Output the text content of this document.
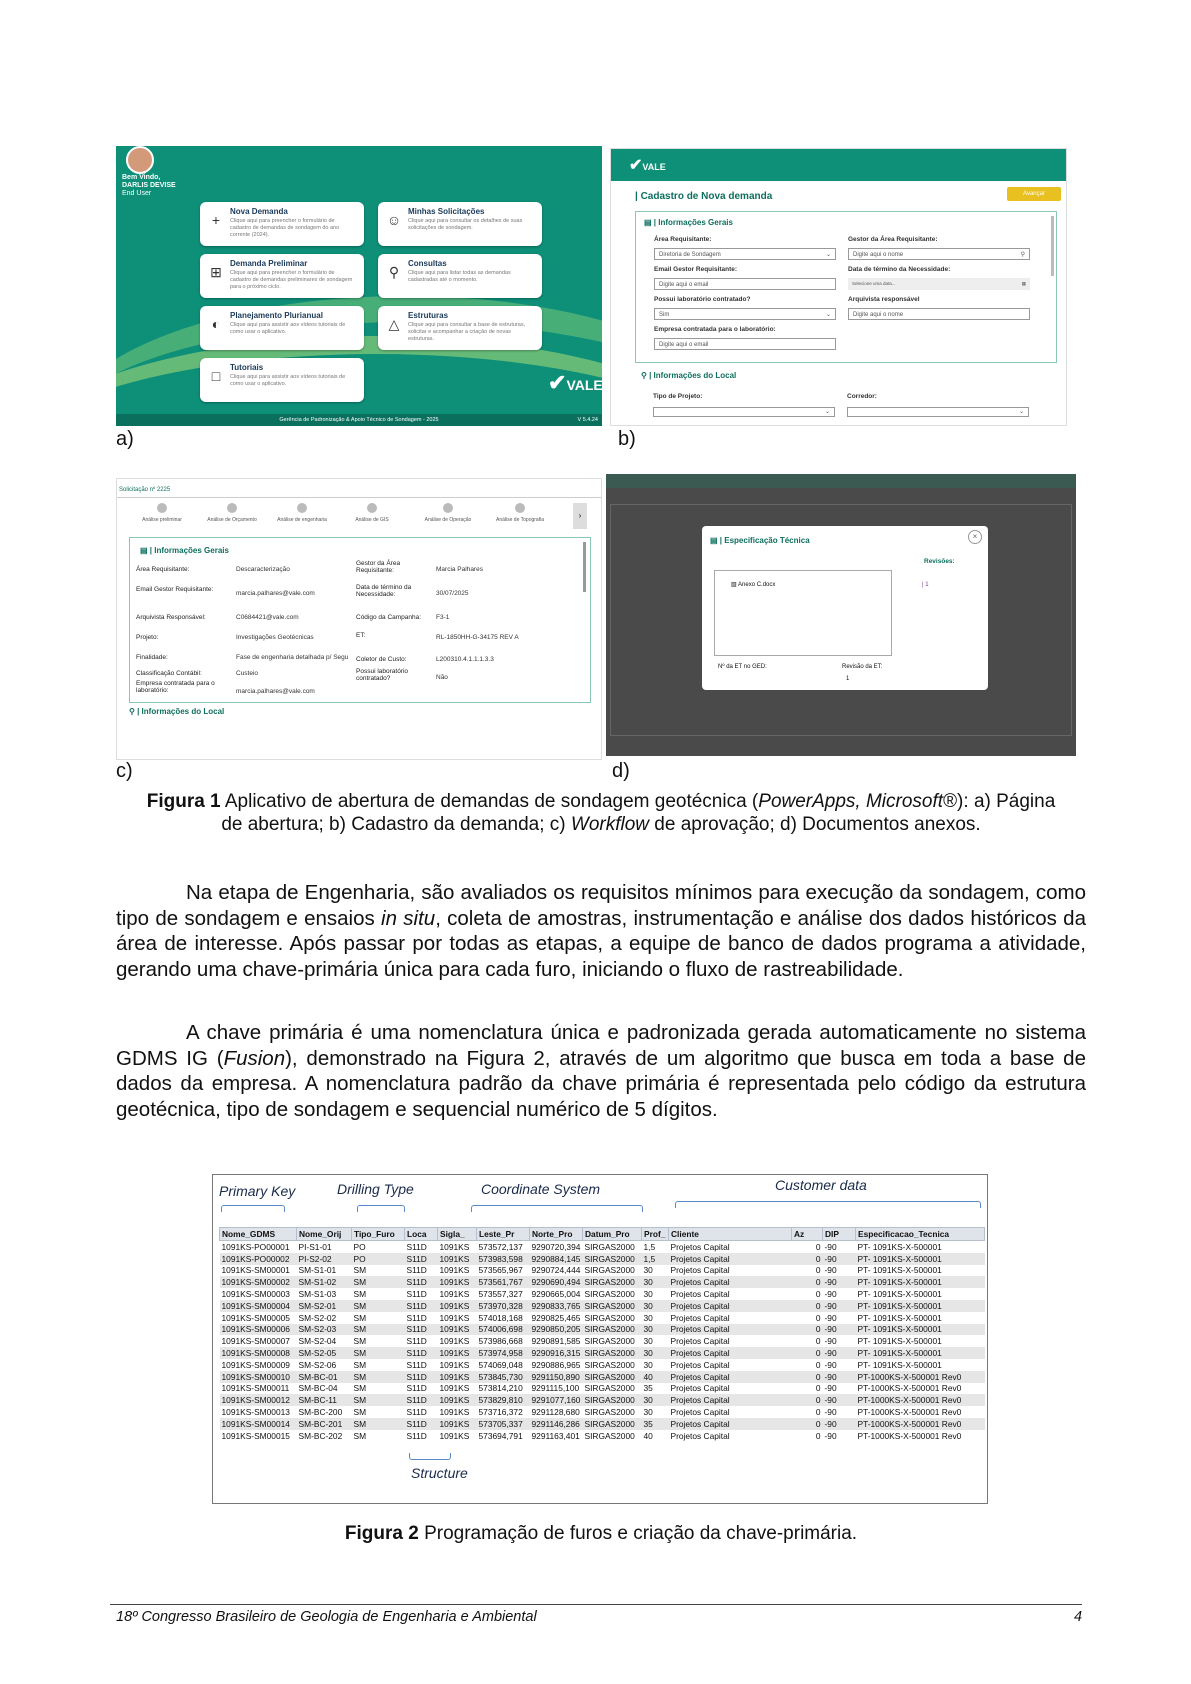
Bem Vindo,
DARLIS DEVISE
End User
+
Nova Demanda
Clique aqui para preencher o formulário de cadastro de demandas de sondagem do ano corrente (2024).
☺
Minhas Solicitações
Clique aqui para consultar os detalhes de suas solicitações de sondagem.
⊞
Demanda Preliminar
Clique aqui para preencher o formulário de cadastro de demandas preliminares de sondagem para o próximo ciclo.
⚲
Consultas
Clique aqui para listar todas as demandas cadastradas até o momento.
◐
Planejamento Plurianual
Clique aqui para assistir aos vídeos tutoriais de como usar o aplicativo.	△
Estruturas
Clique aqui para consultar a base de estruturas, solicitar e acompanhar a criação de novas estruturas.
□
Tutoriais
Clique aqui para assistir aos vídeos tutoriais de como usar o aplicativo.	✔VALE
Gerência de Padronização & Apoio Técnico de Sondagem - 2025	V 5.4.24
a)
✔VALE
| Cadastro de Nova demanda	Avançar
▤ | Informações Gerais
Área Requisitante:
Diretoria de Sondagem	⌄
Gestor da Área Requisitante:
Digite aqui o nome	⚲
Email Gestor Requisitante:
Digite aqui o email
Data de término da Necessidade:
Selecione uma data...	▦
Possui laboratório contratado?
Sim	⌄
Arquivista responsável
Digite aqui o nome
Empresa contratada para o laboratório:
Digite aqui o email
⚲ | Informações do Local
Tipo de Projeto:	Corredor:
⌄	⌄
b)
Solicitação nº 2225
Análise preliminar	Análise de Orçamento	Análise de engenharia	Análise de GIS	Análise de Operação	Análise de Topografia	›
▤ | Informações Gerais
Área Requisitante:	Descaracterização
Email Gestor Requisitante:
marcia.palhares@vale.com
Arquivista Responsável:	C0684421@vale.com
Projeto:	Investigações Geotécnicas
Finalidade:	Fase de engenharia detalhada p/ Segu
Classificação Contábil:	Custeio
Empresa contratada para o laboratório:	marcia.palhares@vale.com
Gestor da Área Requisitante:	Marcia Palhares
Data de término da Necessidade:	30/07/2025
Código da Campanha: F3-1
ET:	RL-1850HH-G-34175 REV A
Coletor de Custo:	L200310.4.1.1.1.3.3
Possui laboratório contratado?	Não
⚲ | Informações do Local
c)
▤ | Especificação Técnica	×
Revisões:
▧ Anexo C.docx	| 1
Nº da ET no GED:	Revisão da ET:
1
d)
Figura 1 Aplicativo de abertura de demandas de sondagem geotécnica (PowerApps, Microsoft®): a) Página
de abertura; b) Cadastro da demanda; c) Workflow de aprovação; d) Documentos anexos.
Na etapa de Engenharia, são avaliados os requisitos mínimos para execução da sondagem, como tipo de sondagem e ensaios in situ, coleta de amostras, instrumentação e análise dos dados históricos da área de interesse. Após passar por todas as etapas, a equipe de banco de dados programa a atividade, gerando uma chave-primária única para cada furo, iniciando o fluxo de rastreabilidade.
A chave primária é uma nomenclatura única e padronizada gerada automaticamente no sistema GDMS IG (Fusion), demonstrado na Figura 2, através de um algoritmo que busca em toda a base de dados da empresa. A nomenclatura padrão da chave primária é representada pelo código da estrutura geotécnica, tipo de sondagem e sequencial numérico de 5 dígitos.
Primary Key	Drilling Type	Coordinate System	Customer data
Nome_GDMS	Nome_Orij	Tipo_Furo	Loca	Sigla_	Leste_Pr	Norte_Pro	Datum_Pro	Prof_	Cliente	Az	DIP	Especificacao_Tecnica
1091KS-PO00001	PI-S1-01	PO	S11D	1091KS	573572,137	9290720,394	SIRGAS2000	1,5	Projetos Capital	0	-90	PT- 1091KS-X-500001
1091KS-PO00002	PI-S2-02	PO	S11D	1091KS	573983,598	9290884,145	SIRGAS2000	1,5	Projetos Capital	0	-90	PT- 1091KS-X-500001
1091KS-SM00001	SM-S1-01	SM	S11D	1091KS	573565,967	9290724,444	SIRGAS2000	30	Projetos Capital	0	-90	PT- 1091KS-X-500001
1091KS-SM00002	SM-S1-02	SM	S11D	1091KS	573561,767	9290690,494	SIRGAS2000	30	Projetos Capital	0	-90	PT- 1091KS-X-500001
1091KS-SM00003	SM-S1-03	SM	S11D	1091KS	573557,327	9290665,004	SIRGAS2000	30	Projetos Capital	0	-90	PT- 1091KS-X-500001
1091KS-SM00004	SM-S2-01	SM	S11D	1091KS	573970,328	9290833,765	SIRGAS2000	30	Projetos Capital	0	-90	PT- 1091KS-X-500001
1091KS-SM00005	SM-S2-02	SM	S11D	1091KS	574018,168	9290825,465	SIRGAS2000	30	Projetos Capital	0	-90	PT- 1091KS-X-500001
1091KS-SM00006	SM-S2-03	SM	S11D	1091KS	574006,698	9290850,205	SIRGAS2000	30	Projetos Capital	0	-90	PT- 1091KS-X-500001
1091KS-SM00007	SM-S2-04	SM	S11D	1091KS	573986,668	9290891,585	SIRGAS2000	30	Projetos Capital	0	-90	PT- 1091KS-X-500001
1091KS-SM00008	SM-S2-05	SM	S11D	1091KS	573974,958	9290916,315	SIRGAS2000	30	Projetos Capital	0	-90	PT- 1091KS-X-500001
1091KS-SM00009	SM-S2-06	SM	S11D	1091KS	574069,048	9290886,965	SIRGAS2000	30	Projetos Capital	0	-90	PT- 1091KS-X-500001
1091KS-SM00010	SM-BC-01	SM	S11D	1091KS	573845,730	9291150,890	SIRGAS2000	40	Projetos Capital	0	-90	PT-1000KS-X-500001 Rev0
1091KS-SM00011	SM-BC-04	SM	S11D	1091KS	573814,210	9291115,100	SIRGAS2000	35	Projetos Capital	0	-90	PT-1000KS-X-500001 Rev0
1091KS-SM00012	SM-BC-11	SM	S11D	1091KS	573829,810	9291077,160	SIRGAS2000	30	Projetos Capital	0	-90	PT-1000KS-X-500001 Rev0
1091KS-SM00013	SM-BC-200	SM	S11D	1091KS	573716,372	9291128,680	SIRGAS2000	30	Projetos Capital	0	-90	PT-1000KS-X-500001 Rev0
1091KS-SM00014	SM-BC-201	SM	S11D	1091KS	573705,337	9291146,286	SIRGAS2000	35	Projetos Capital	0	-90	PT-1000KS-X-500001 Rev0
1091KS-SM00015	SM-BC-202	SM	S11D	1091KS	573694,791	9291163,401	SIRGAS2000	40	Projetos Capital	0	-90	PT-1000KS-X-500001 Rev0
Structure
Figura 2 Programação de furos e criação da chave-primária.
18º Congresso Brasileiro de Geologia de Engenharia e Ambiental	4
